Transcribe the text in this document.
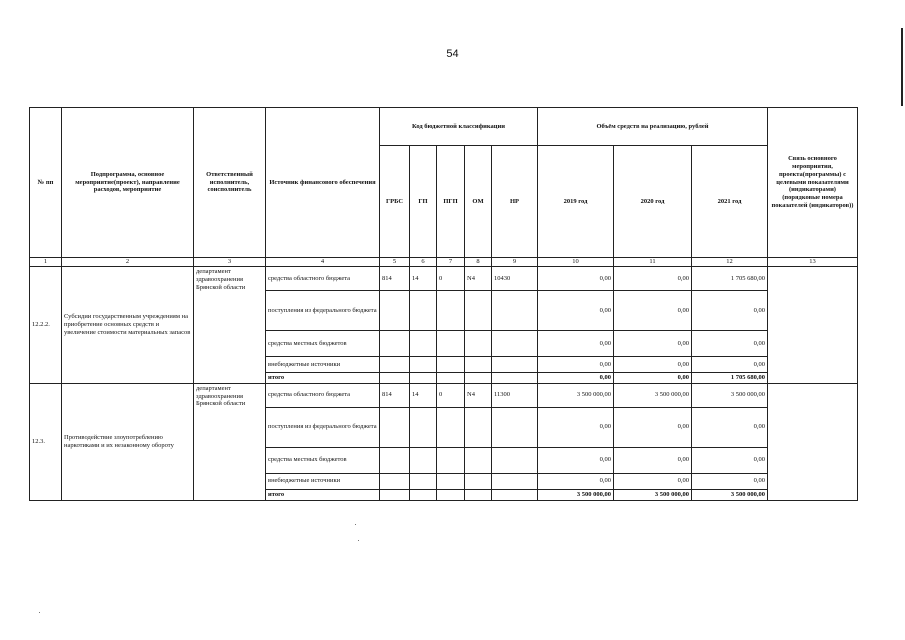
54
№ пп	Подпрограмма, основное мероприятие(проект), направление расходов, мероприятие	Ответственный исполнитель, соисполнитель	Источник финансового обеспечения	Код бюджетной классификации					Объём средств на реализацию, рублей			Связь основного мероприятия, проекта(программы) с целевыми показателями (индикаторами) (порядковые номера показателей (индикаторов))
				ГРБС	ГП	ПГП	ОМ	НР	2019 год	2020 год	2021 год	
1	2	3	4	5	6	7	8	9	10	11	12	13
12.2.2.	Субсидии государственным учреждениям на приобретение основных средств и увеличение стоимости материальных запасов	департамент здравоохранения Брянской области	средства областного бюджета	814	14	0	N4	10430	0,00	0,00	1 705 680,00	
			поступления из федерального бюджета						0,00	0,00	0,00	
			средства местных бюджетов						0,00	0,00	0,00	
			внебюджетные источники						0,00	0,00	0,00	
			итого						0,00	0,00	1 705 680,00	
12.3.	Противодействие злоупотреблению наркотиками и их незаконному обороту	департамент здравоохранения Брянской области	средства областного бюджета	814	14	0	N4	11300	3 500 000,00	3 500 000,00	3 500 000,00	
			поступления из федерального бюджета						0,00	0,00	0,00	
			средства местных бюджетов						0,00	0,00	0,00	
			внебюджетные источники						0,00	0,00	0,00	
			итого						3 500 000,00	3 500 000,00	3 500 000,00	
